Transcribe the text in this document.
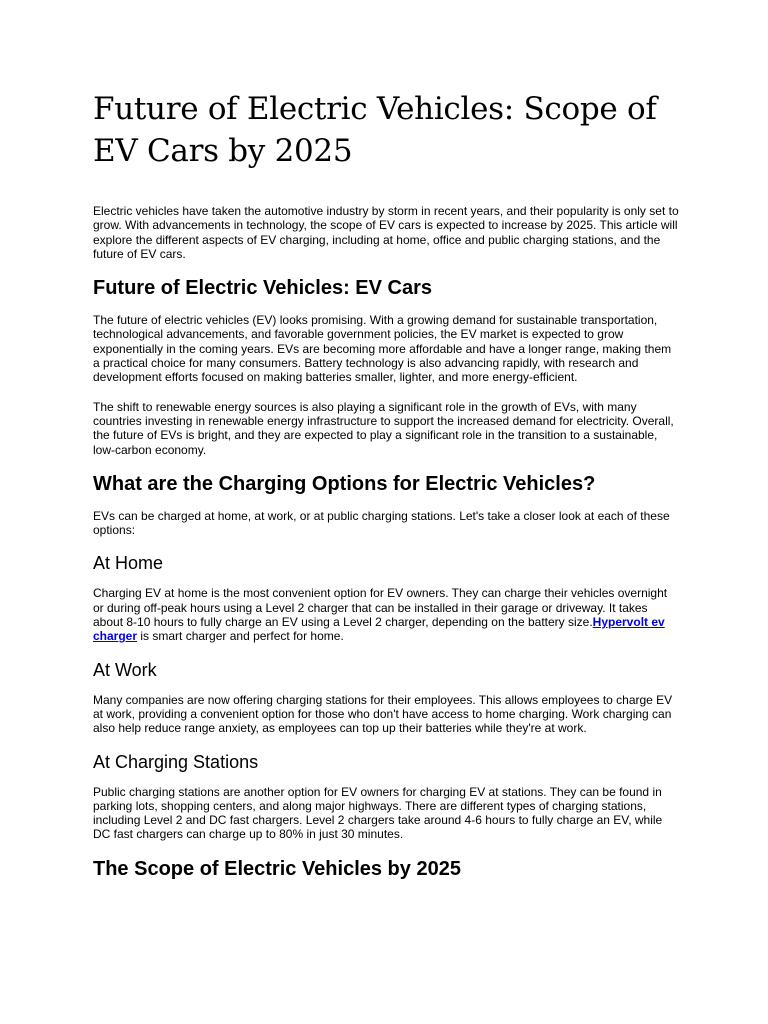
Future of Electric Vehicles: Scope of EV Cars by 2025

Electric vehicles have taken the automotive industry by storm in recent years, and their popularity is only set to grow. With advancements in technology, the scope of EV cars is expected to increase by 2025. This article will explore the different aspects of EV charging, including at home, office and public charging stations, and the future of EV cars.

Future of Electric Vehicles: EV Cars

The future of electric vehicles (EV) looks promising. With a growing demand for sustainable transportation, technological advancements, and favorable government policies, the EV market is expected to grow exponentially in the coming years. EVs are becoming more affordable and have a longer range, making them a practical choice for many consumers. Battery technology is also advancing rapidly, with research and development efforts focused on making batteries smaller, lighter, and more energy-efficient.

The shift to renewable energy sources is also playing a significant role in the growth of EVs, with many countries investing in renewable energy infrastructure to support the increased demand for electricity. Overall, the future of EVs is bright, and they are expected to play a significant role in the transition to a sustainable, low-carbon economy.

What are the Charging Options for Electric Vehicles?

EVs can be charged at home, at work, or at public charging stations. Let's take a closer look at each of these options:

At Home

Charging EV at home is the most convenient option for EV owners. They can charge their vehicles overnight or during off-peak hours using a Level 2 charger that can be installed in their garage or driveway. It takes about 8-10 hours to fully charge an EV using a Level 2 charger, depending on the battery size.Hypervolt ev charger is smart charger and perfect for home.

At Work

Many companies are now offering charging stations for their employees. This allows employees to charge EV at work, providing a convenient option for those who don't have access to home charging. Work charging can also help reduce range anxiety, as employees can top up their batteries while they're at work.

At Charging Stations

Public charging stations are another option for EV owners for charging EV at stations. They can be found in parking lots, shopping centers, and along major highways. There are different types of charging stations, including Level 2 and DC fast chargers. Level 2 chargers take around 4-6 hours to fully charge an EV, while DC fast chargers can charge up to 80% in just 30 minutes.

The Scope of Electric Vehicles by 2025
